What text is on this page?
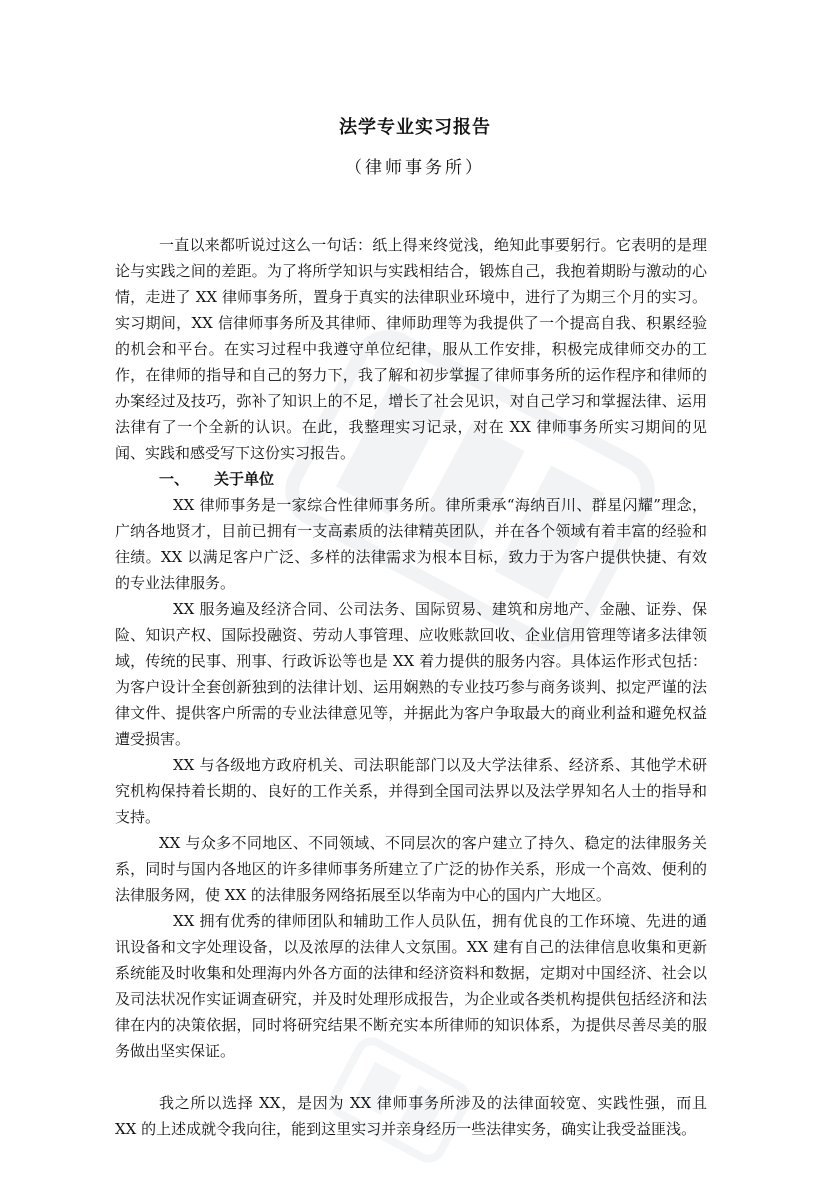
法学专业实习报告
（律师事务所）

一直以来都听说过这么一句话：纸上得来终觉浅，绝知此事要躬行。它表明的是理论与实践之间的差距。为了将所学知识与实践相结合，锻炼自己，我抱着期盼与激动的心情，走进了 XX 律师事务所，置身于真实的法律职业环境中，进行了为期三个月的实习。实习期间，XX 信律师事务所及其律师、律师助理等为我提供了一个提高自我、积累经验的机会和平台。在实习过程中我遵守单位纪律，服从工作安排，积极完成律师交办的工作，在律师的指导和自己的努力下，我了解和初步掌握了律师事务所的运作程序和律师的办案经过及技巧，弥补了知识上的不足，增长了社会见识，对自己学习和掌握法律、运用法律有了一个全新的认识。在此，我整理实习记录，对在 XX 律师事务所实习期间的见闻、实践和感受写下这份实习报告。

一、 关于单位

XX 律师事务是一家综合性律师事务所。律所秉承“海纳百川、群星闪耀”理念，广纳各地贤才，目前已拥有一支高素质的法律精英团队，并在各个领域有着丰富的经验和往绩。XX 以满足客户广泛、多样的法律需求为根本目标，致力于为客户提供快捷、有效的专业法律服务。

XX 服务遍及经济合同、公司法务、国际贸易、建筑和房地产、金融、证券、保险、知识产权、国际投融资、劳动人事管理、应收账款回收、企业信用管理等诸多法律领域，传统的民事、刑事、行政诉讼等也是 XX 着力提供的服务内容。具体运作形式包括：为客户设计全套创新独到的法律计划、运用娴熟的专业技巧参与商务谈判、拟定严谨的法律文件、提供客户所需的专业法律意见等，并据此为客户争取最大的商业利益和避免权益遭受损害。

XX 与各级地方政府机关、司法职能部门以及大学法律系、经济系、其他学术研究机构保持着长期的、良好的工作关系，并得到全国司法界以及法学界知名人士的指导和支持。

XX 与众多不同地区、不同领域、不同层次的客户建立了持久、稳定的法律服务关系，同时与国内各地区的许多律师事务所建立了广泛的协作关系，形成一个高效、便利的法律服务网，使 XX 的法律服务网络拓展至以华南为中心的国内广大地区。

XX 拥有优秀的律师团队和辅助工作人员队伍，拥有优良的工作环境、先进的通讯设备和文字处理设备，以及浓厚的法律人文氛围。XX 建有自己的法律信息收集和更新系统能及时收集和处理海内外各方面的法律和经济资料和数据，定期对中国经济、社会以及司法状况作实证调查研究，并及时处理形成报告，为企业或各类机构提供包括经济和法律在内的决策依据，同时将研究结果不断充实本所律师的知识体系，为提供尽善尽美的服务做出坚实保证。

我之所以选择 XX，是因为 XX 律师事务所涉及的法律面较宽、实践性强，而且 XX 的上述成就令我向往，能到这里实习并亲身经历一些法律实务，确实让我受益匪浅。
